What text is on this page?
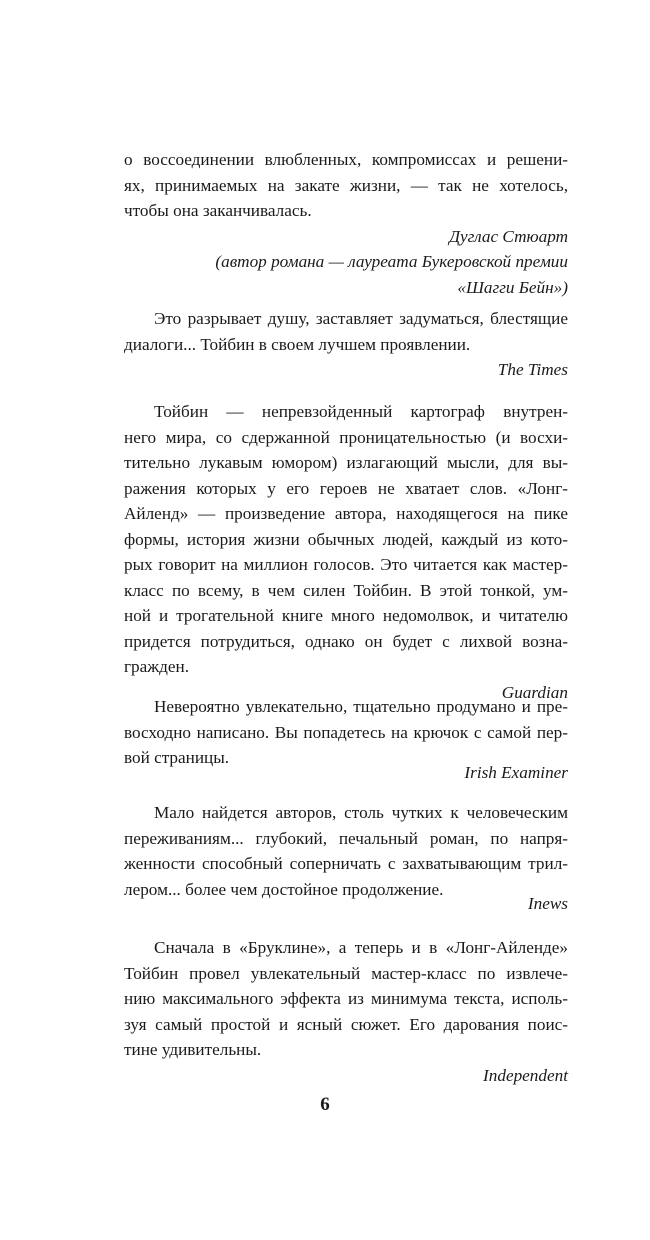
о воссоединении влюбленных, компромиссах и решени-
ях, принимаемых на закате жизни, — так не хотелось,
чтобы она заканчивалась.
Дуглас Стюарт
(автор романа — лауреата Букеровской премии
«Шагги Бейн»)
Это разрывает душу, заставляет задуматься, блестящие
диалоги... Тойбин в своем лучшем проявлении.
The Times
Тойбин — непревзойденный картограф внутрен-
него мира, со сдержанной проницательностью (и восхи-
тительно лукавым юмором) излагающий мысли, для вы-
ражения которых у его героев не хватает слов. «Лонг-
Айленд» — произведение автора, находящегося на пике
формы, история жизни обычных людей, каждый из кото-
рых говорит на миллион голосов. Это читается как мастер-
класс по всему, в чем силен Тойбин. В этой тонкой, ум-
ной и трогательной книге много недомолвок, и читателю
придется потрудиться, однако он будет с лихвой возна-
гражден.
Guardian
Невероятно увлекательно, тщательно продумано и пре-
восходно написано. Вы попадетесь на крючок с самой пер-
вой страницы.
Irish Examiner
Мало найдется авторов, столь чутких к человеческим
переживаниям... глубокий, печальный роман, по напря-
женности способный соперничать с захватывающим трил-
лером... более чем достойное продолжение.
Inews
Сначала в «Бруклине», а теперь и в «Лонг-Айленде»
Тойбин провел увлекательный мастер-класс по извлече-
нию максимального эффекта из минимума текста, исполь-
зуя самый простой и ясный сюжет. Его дарования поис-
тине удивительны.
Independent
6
